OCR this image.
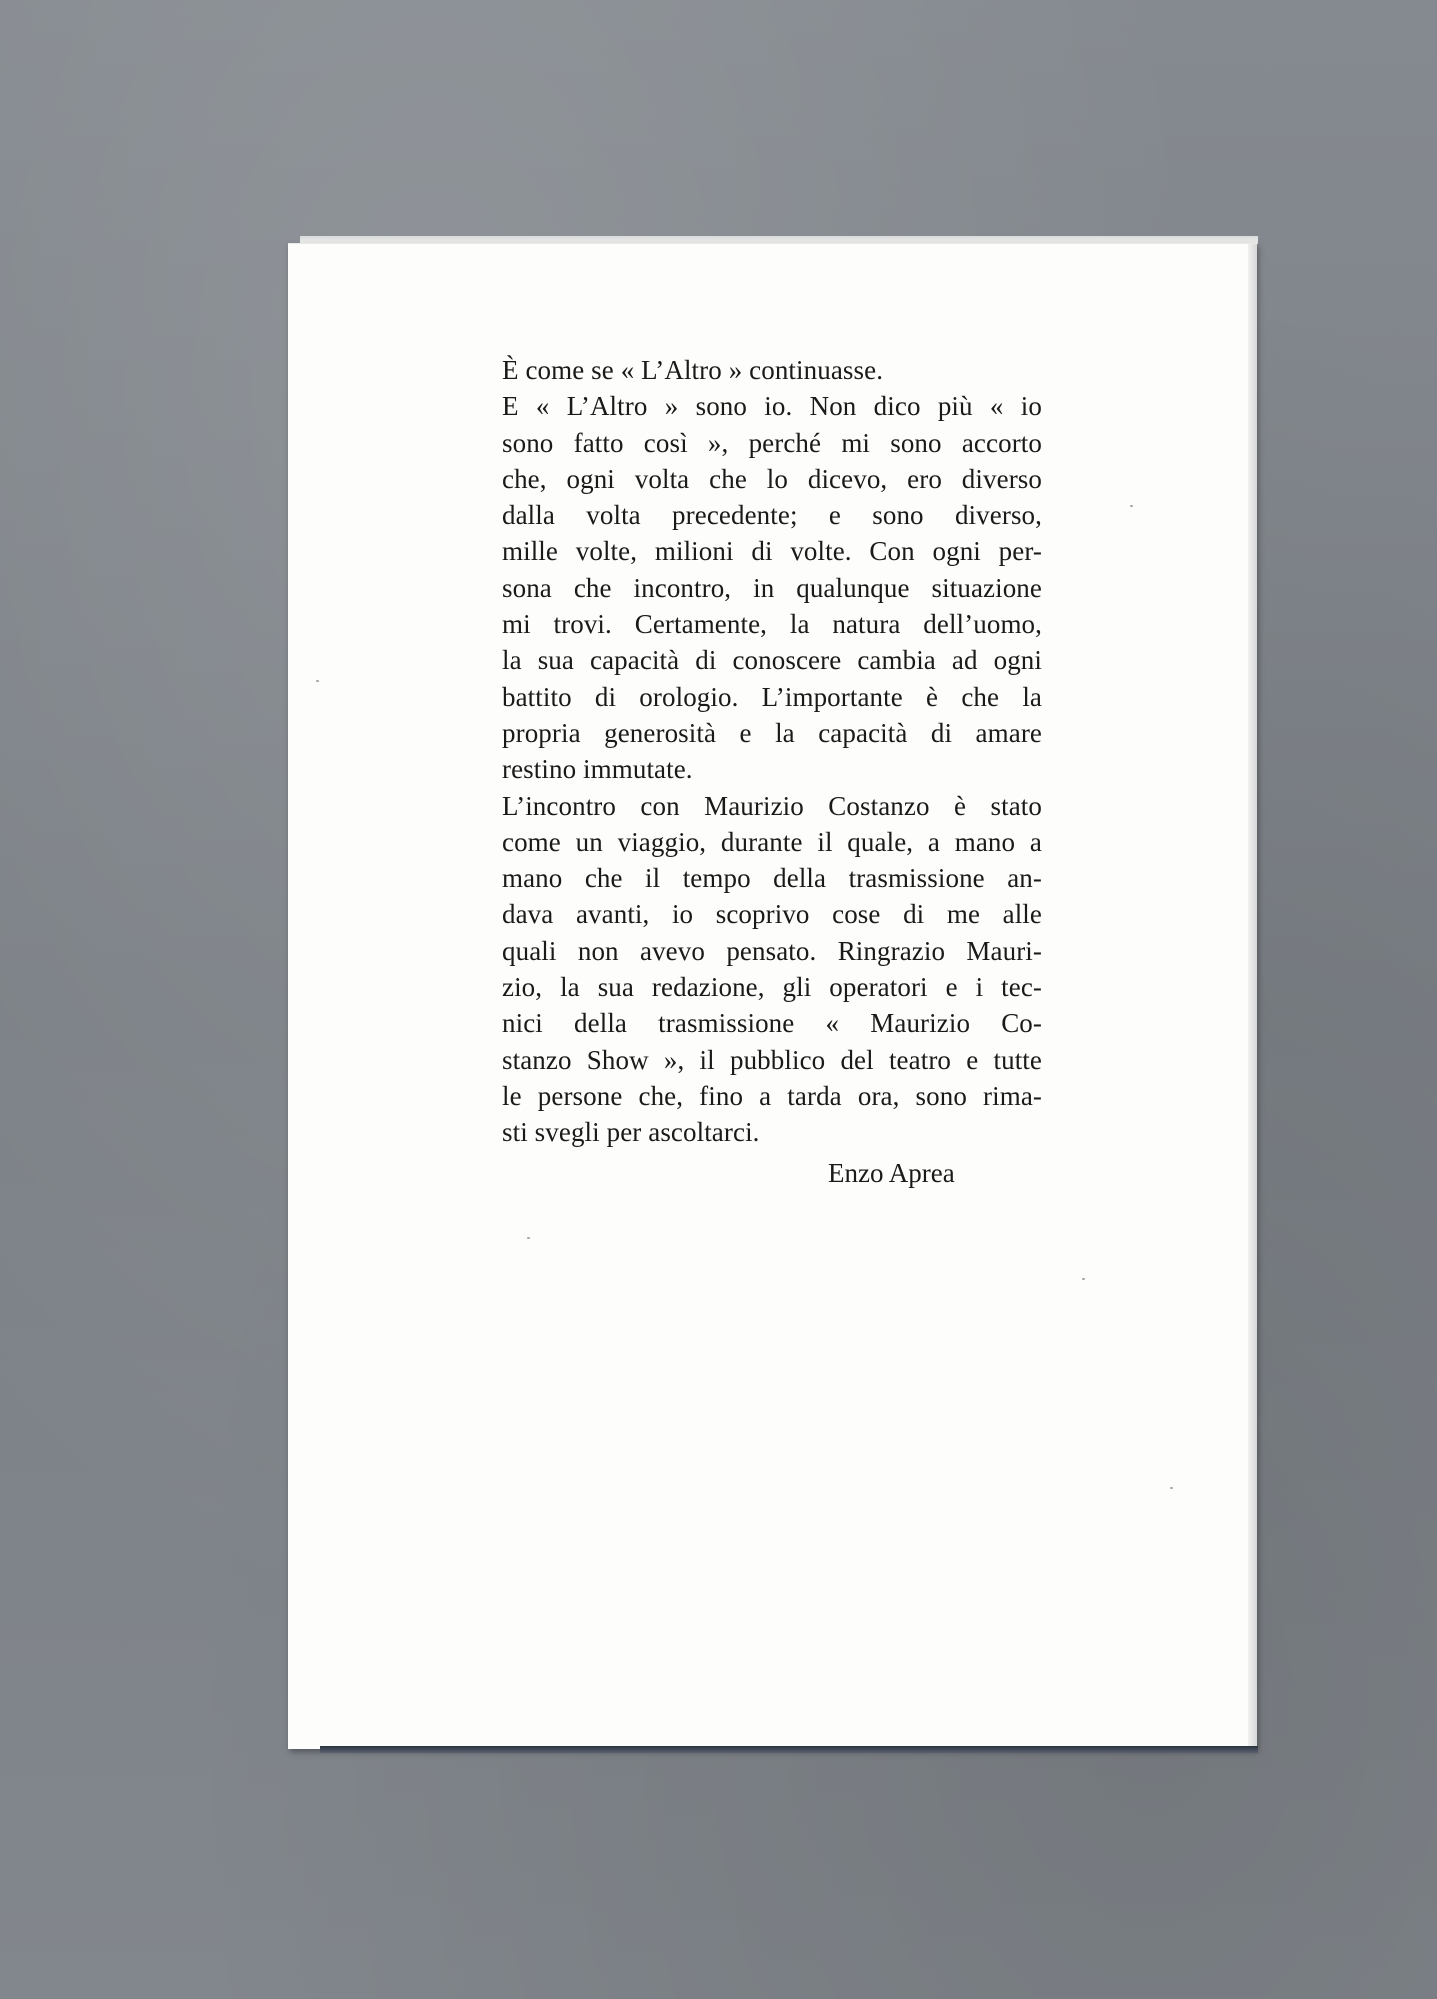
È come se « L’Altro » continuasse.
E « L’Altro » sono io. Non dico più « io
sono fatto così », perché mi sono accorto
che, ogni volta che lo dicevo, ero diverso
dalla volta precedente; e sono diverso,
mille volte, milioni di volte. Con ogni per-
sona che incontro, in qualunque situazione
mi trovi. Certamente, la natura dell’uomo,
la sua capacità di conoscere cambia ad ogni
battito di orologio. L’importante è che la
propria generosità e la capacità di amare
restino immutate.
L’incontro con Maurizio Costanzo è stato
come un viaggio, durante il quale, a mano a
mano che il tempo della trasmissione an-
dava avanti, io scoprivo cose di me alle
quali non avevo pensato. Ringrazio Mauri-
zio, la sua redazione, gli operatori e i tec-
nici della trasmissione « Maurizio Co-
stanzo Show », il pubblico del teatro e tutte
le persone che, fino a tarda ora, sono rima-
sti svegli per ascoltarci.
Enzo Aprea
